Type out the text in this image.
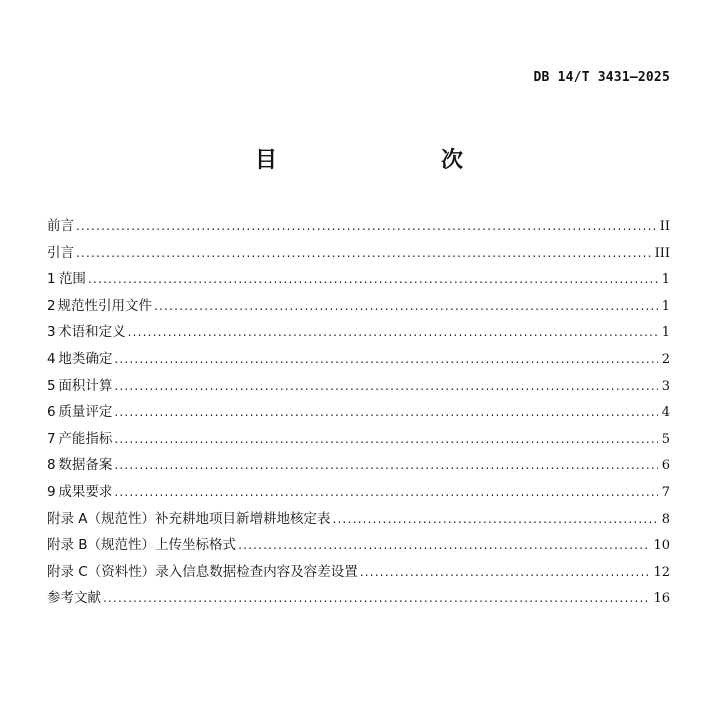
DB 14/T 3431—2025
目　　次
前言 .....	II
引言 .....	III
1 范围 .....	1
2 规范性引用文件 .....	1
3 术语和定义 .....	1
4 地类确定 .....	2
5 面积计算 .....	3
6 质量评定 .....	4
7 产能指标 .....	5
8 数据备案 .....	6
9 成果要求 .....	7
附录 A（规范性） 补充耕地项目新增耕地核定表 .....	8
附录 B（规范性） 上传坐标格式 .....	10
附录 C（资料性） 录入信息数据检查内容及容差设置 .....	12
参考文献 .....	16
